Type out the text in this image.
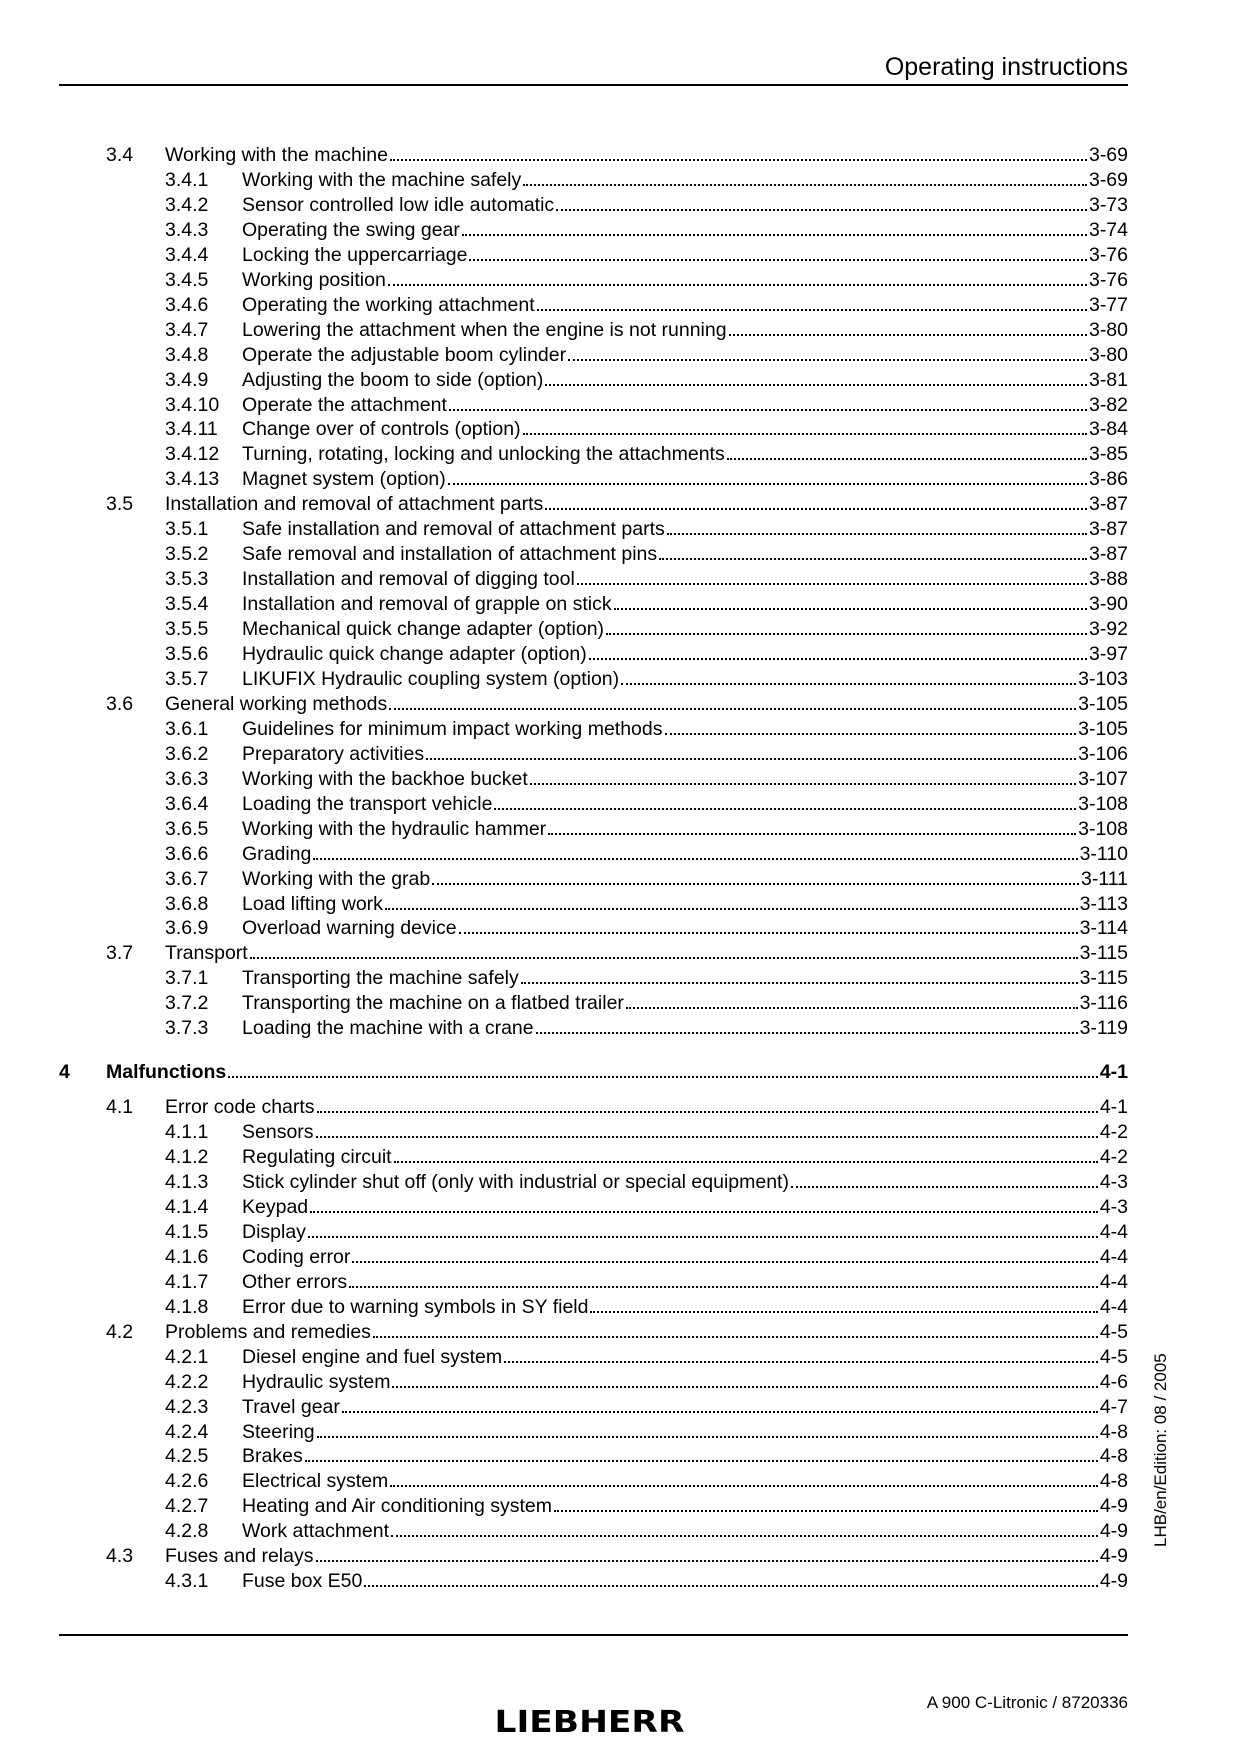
Operating instructions
3.4 Working with the machine	3-69
3.4.1 Working with the machine safely	3-69
3.4.2 Sensor controlled low idle automatic	3-73
3.4.3 Operating the swing gear	3-74
3.4.4 Locking the uppercarriage	3-76
3.4.5 Working position	3-76
3.4.6 Operating the working attachment	3-77
3.4.7 Lowering the attachment when the engine is not running	3-80
3.4.8 Operate the adjustable boom cylinder	3-80
3.4.9 Adjusting the boom to side (option)	3-81
3.4.10 Operate the attachment	3-82
3.4.11 Change over of controls (option)	3-84
3.4.12 Turning, rotating, locking and unlocking the attachments	3-85
3.4.13 Magnet system (option)	3-86
3.5 Installation and removal of attachment parts	3-87
3.5.1 Safe installation and removal of attachment parts	3-87
3.5.2 Safe removal and installation of attachment pins	3-87
3.5.3 Installation and removal of digging tool	3-88
3.5.4 Installation and removal of grapple on stick	3-90
3.5.5 Mechanical quick change adapter (option)	3-92
3.5.6 Hydraulic quick change adapter (option)	3-97
3.5.7 LIKUFIX Hydraulic coupling system (option)	3-103
3.6 General working methods	3-105
3.6.1 Guidelines for minimum impact working methods	3-105
3.6.2 Preparatory activities	3-106
3.6.3 Working with the backhoe bucket	3-107
3.6.4 Loading the transport vehicle	3-108
3.6.5 Working with the hydraulic hammer	3-108
3.6.6 Grading	3-110
3.6.7 Working with the grab	3-111
3.6.8 Load lifting work	3-113
3.6.9 Overload warning device	3-114
3.7 Transport	3-115
3.7.1 Transporting the machine safely	3-115
3.7.2 Transporting the machine on a flatbed trailer	3-116
3.7.3 Loading the machine with a crane	3-119
4 Malfunctions	4-1
4.1 Error code charts	4-1
4.1.1 Sensors	4-2
4.1.2 Regulating circuit	4-2
4.1.3 Stick cylinder shut off (only with industrial or special equipment)	4-3
4.1.4 Keypad	4-3
4.1.5 Display	4-4
4.1.6 Coding error	4-4
4.1.7 Other errors	4-4
4.1.8 Error due to warning symbols in SY field	4-4
4.2 Problems and remedies	4-5
4.2.1 Diesel engine and fuel system	4-5
4.2.2 Hydraulic system	4-6
4.2.3 Travel gear	4-7
4.2.4 Steering	4-8
4.2.5 Brakes	4-8
4.2.6 Electrical system	4-8
4.2.7 Heating and Air conditioning system	4-9
4.2.8 Work attachment	4-9
4.3 Fuses and relays	4-9
4.3.1 Fuse box E50	4-9
LHB/en/Edition: 08 / 2005
A 900 C-Litronic / 8720336
LIEBHERR
